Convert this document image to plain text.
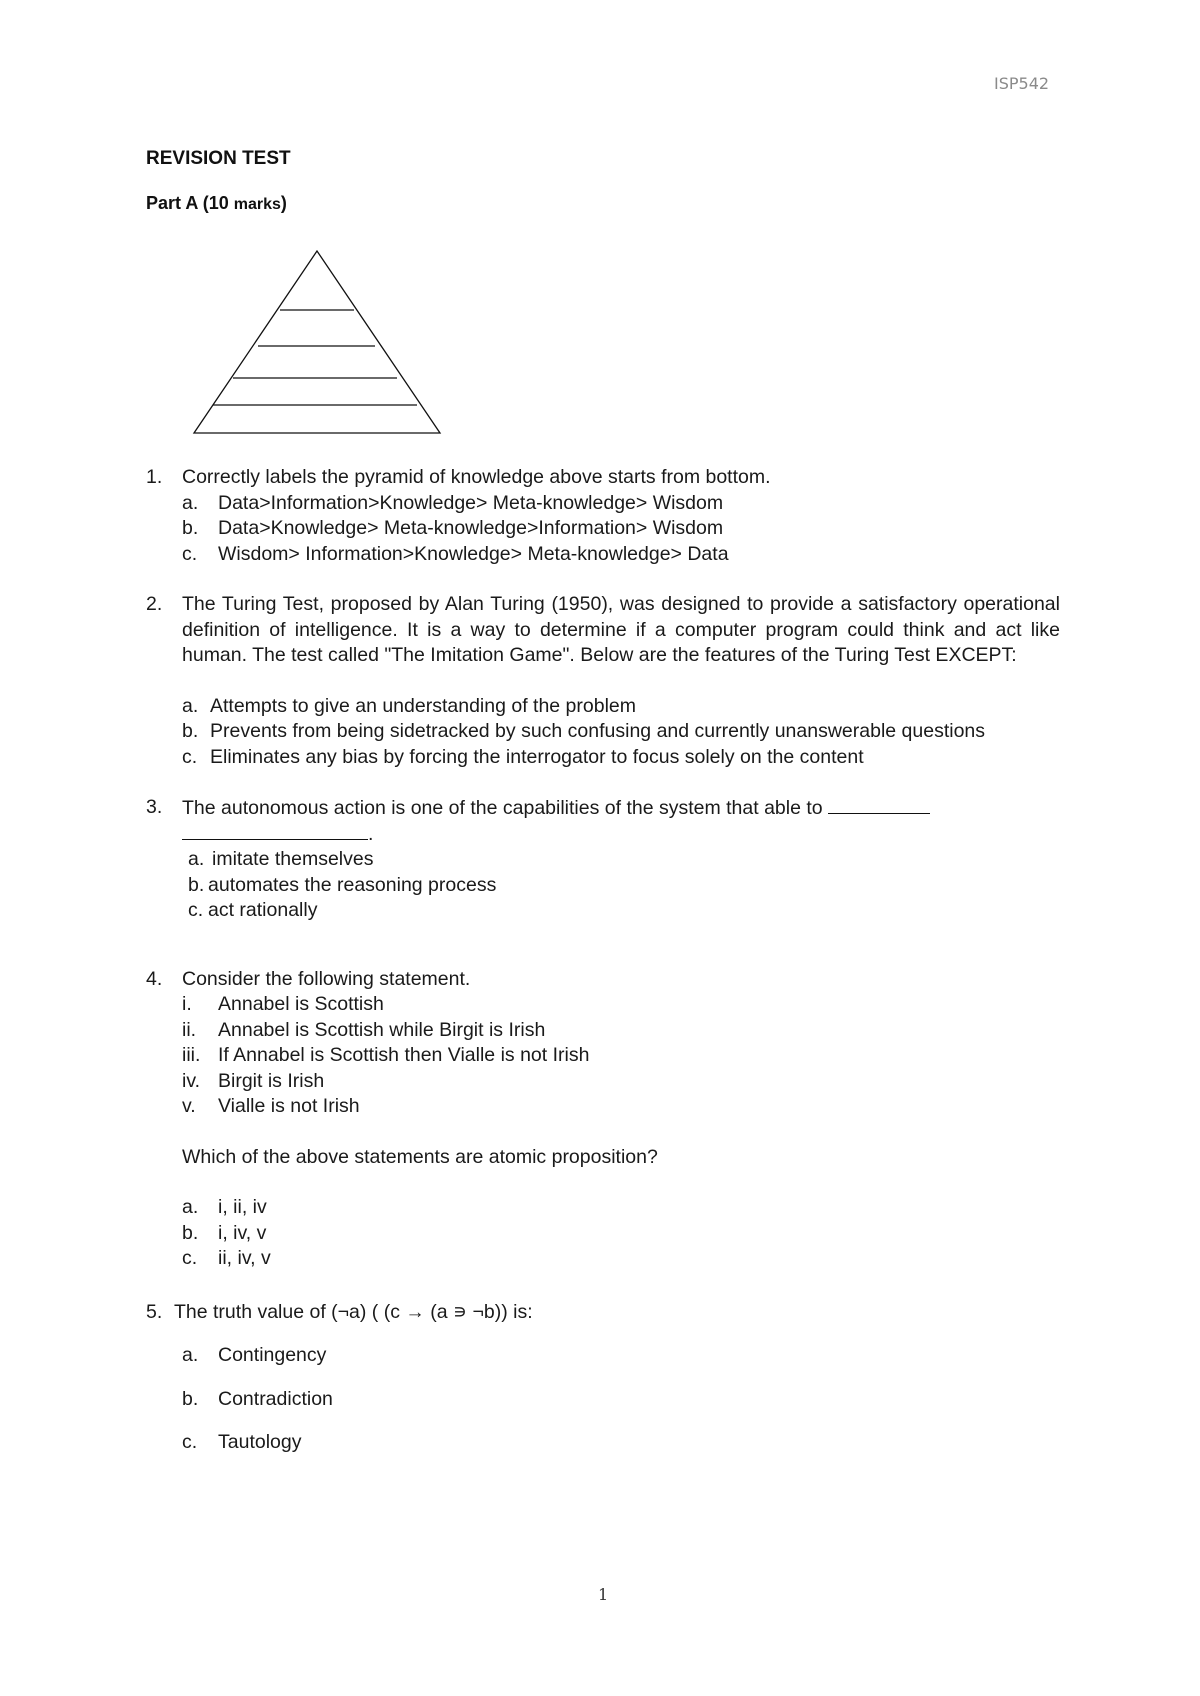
ISP542
REVISION TEST
Part A (10 marks)
1. Correctly labels the pyramid of knowledge above starts from bottom.

a. Data>Information>Knowledge> Meta-knowledge> Wisdom
b. Data>Knowledge> Meta-knowledge>Information> Wisdom
c. Wisdom> Information>Knowledge> Meta-knowledge> Data
2. The Turing Test, proposed by Alan Turing (1950), was designed to provide a satisfactory operational definition of intelligence. It is a way to determine if a computer program could think and act like human. The test called "The Imitation Game". Below are the features of the Turing Test EXCEPT:

a. Attempts to give an understanding of the problem
b. Prevents from being sidetracked by such confusing and currently unanswerable questions
c. Eliminates any bias by forcing the interrogator to focus solely on the content
3. The autonomous action is one of the capabilities of the system that able to
.

a. imitate themselves
b. automates the reasoning process
c. act rationally
4. Consider the following statement.

i. Annabel is Scottish
ii. Annabel is Scottish while Birgit is Irish
iii. If Annabel is Scottish then Vialle is not Irish
iv. Birgit is Irish
v. Vialle is not Irish

Which of the above statements are atomic proposition?

a. i, ii, iv
b. i, iv, v
c. ii, iv, v
5. The truth value of (¬a) ( (c → (a ∍ ¬b)) is:

a. Contingency
b. Contradiction
c. Tautology
1
